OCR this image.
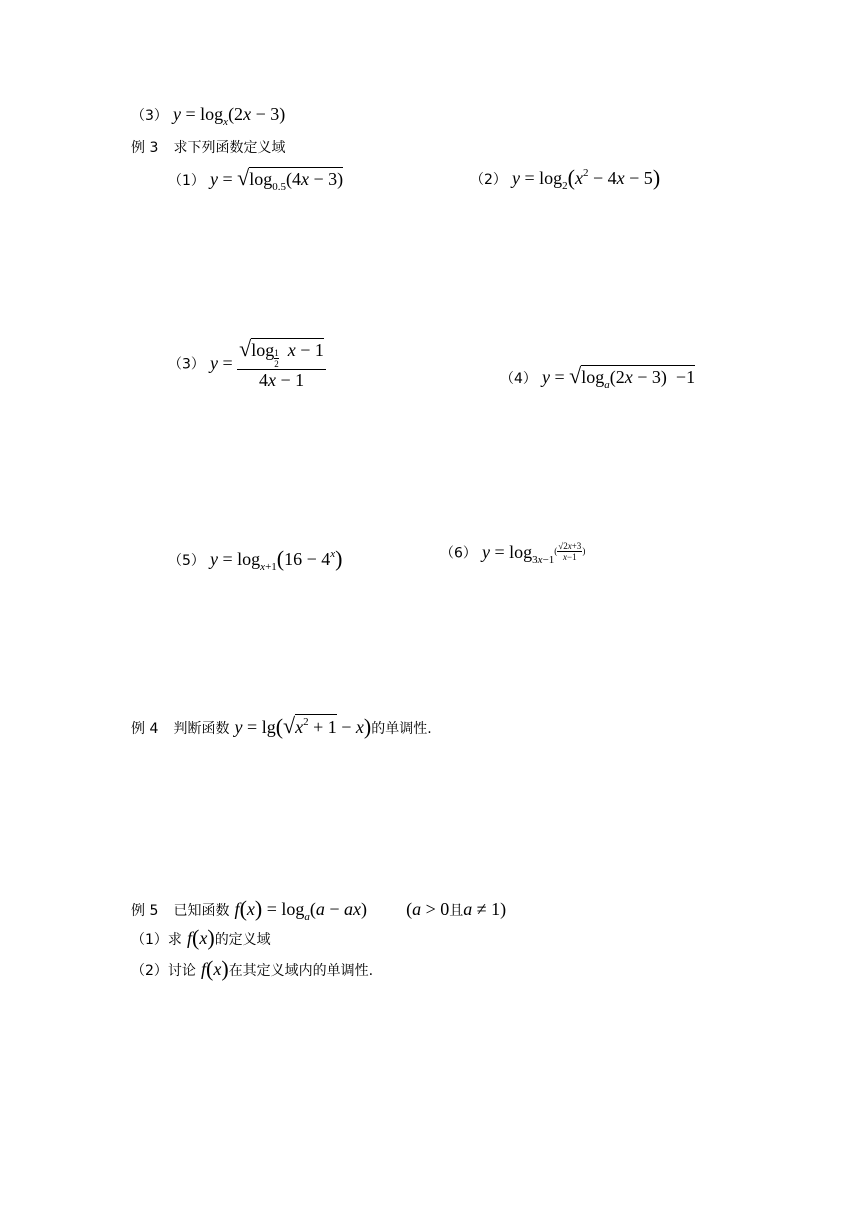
（3） $y = \log_x(2x - 3)$
例 3 求下列函数定义域
（1） $y = √\log_{0.5}(4x - 3)$	（2） $y = \log_2(x^2 - 4x - 5)$
（3） y = √log $_{\frac{1}{2}}$ x − 1
4x − 1	（4） $y = √\log_a(2x - 3) -1$
（5） $y = \log_{x+1}(16 - 4^x)$	（6） $y = \log_{3x-1}^{( \frac{√2x+3}{x-1} )}$
例 4 判断函数 $y = \lg(√x^2 + 1 - x)$的单调性.
例 5 已知函数 $f(x) = \log_a(a - ax) (a > 0$且a ≠ 1)
（1）求 f(x)的定义域
（2）讨论 f(x)在其定义域内的单调性.
